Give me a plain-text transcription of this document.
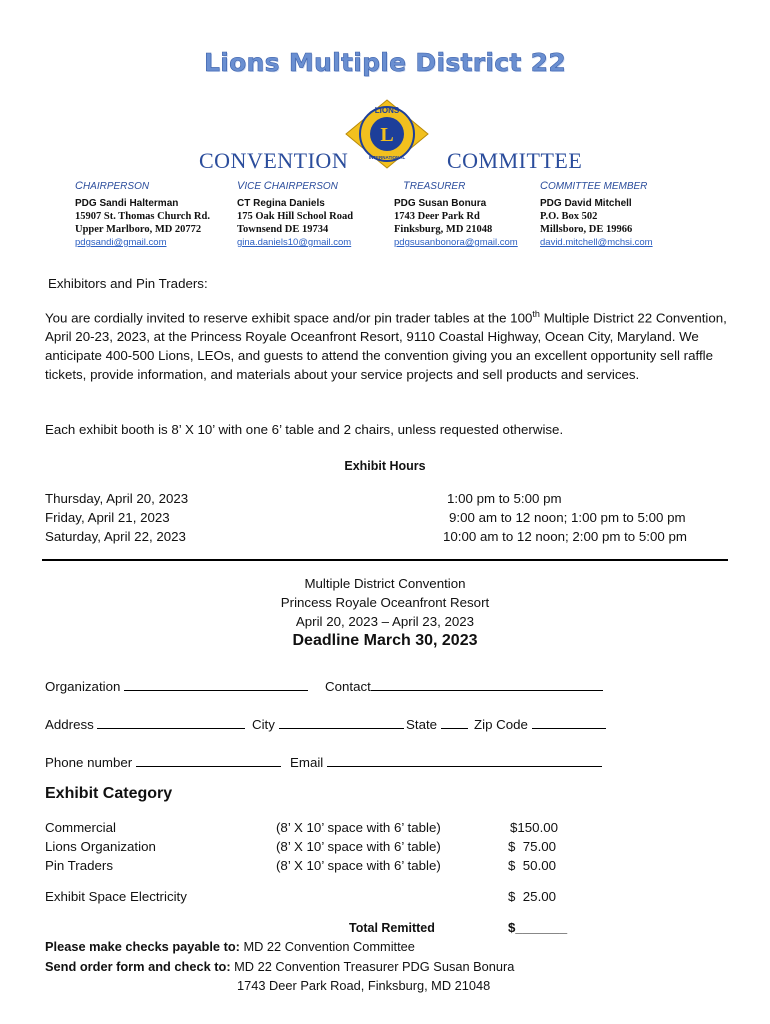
Lions Multiple District 22
L
LIONS
INTERNATIONAL
CONVENTION	COMMITTEE
CHAIRPERSON
PDG Sandi Halterman
15907 St. Thomas Church Rd.
Upper Marlboro, MD 20772
pdgsandi@gmail.com
VICE CHAIRPERSON
CT Regina Daniels
175 Oak Hill School Road
Townsend DE 19734
gina.daniels10@gmail.com
TREASURER
PDG Susan Bonura
1743 Deer Park Rd
Finksburg, MD 21048
pdgsusanbonora@gmail.com
COMMITTEE MEMBER
PDG David Mitchell
P.O. Box 502
Millsboro, DE 19966
david.mitchell@mchsi.com
Exhibitors and Pin Traders:
You are cordially invited to reserve exhibit space and/or pin trader tables at the 100th Multiple District 22 Convention, April 20-23, 2023, at the Princess Royale Oceanfront Resort, 9110 Coastal Highway, Ocean City, Maryland. We anticipate 400-500 Lions, LEOs, and guests to attend the convention giving you an excellent opportunity sell raffle tickets, provide information, and materials about your service projects and sell products and services.
Each exhibit booth is 8’ X 10’ with one 6’ table and 2 chairs, unless requested otherwise.
Exhibit Hours
Thursday, April 20, 2023	1:00 pm to 5:00 pm
Friday, April 21, 2023	9:00 am to 12 noon; 1:00 pm to 5:00 pm
Saturday, April 22, 2023	10:00 am to 12 noon; 2:00 pm to 5:00 pm
Multiple District Convention
Princess Royale Oceanfront Resort
April 20, 2023 – April 23, 2023
Deadline March 30, 2023
Organization	Contact
Address	City	State	Zip Code
Phone number	Email
Exhibit Category
Commercial	(8’ X 10’ space with 6’ table)	$150.00
Lions Organization	(8’ X 10’ space with 6’ table)	$  75.00
Pin Traders	(8’ X 10’ space with 6’ table)	$  50.00
Exhibit Space Electricity	$  25.00
Total Remitted	$_______
Please make checks payable to: MD 22 Convention Committee
Send order form and check to: MD 22 Convention Treasurer PDG Susan Bonura
1743 Deer Park Road, Finksburg, MD 21048
